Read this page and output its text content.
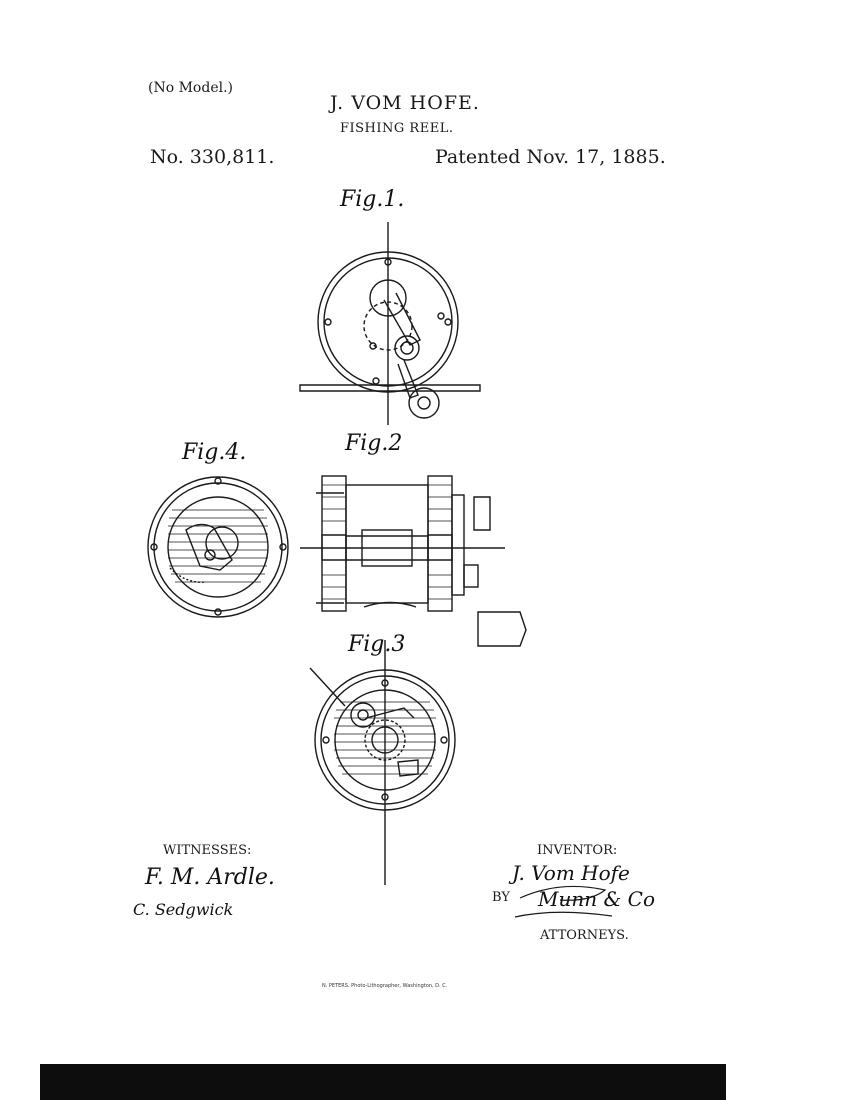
(No Model.)
J. VOM HOFE.
FISHING REEL.
No. 330,811.	Patented Nov. 17, 1885.
Fig.1.
Fig.2
Fig.3
Fig.4.
F. M. Ardle.
C. Sedgwick
J. Vom Hofe
Munn & Co
WITNESSES:	INVENTOR:
BY
ATTORNEYS.
N. PETERS. Photo-Lithographer, Washington, D. C.
